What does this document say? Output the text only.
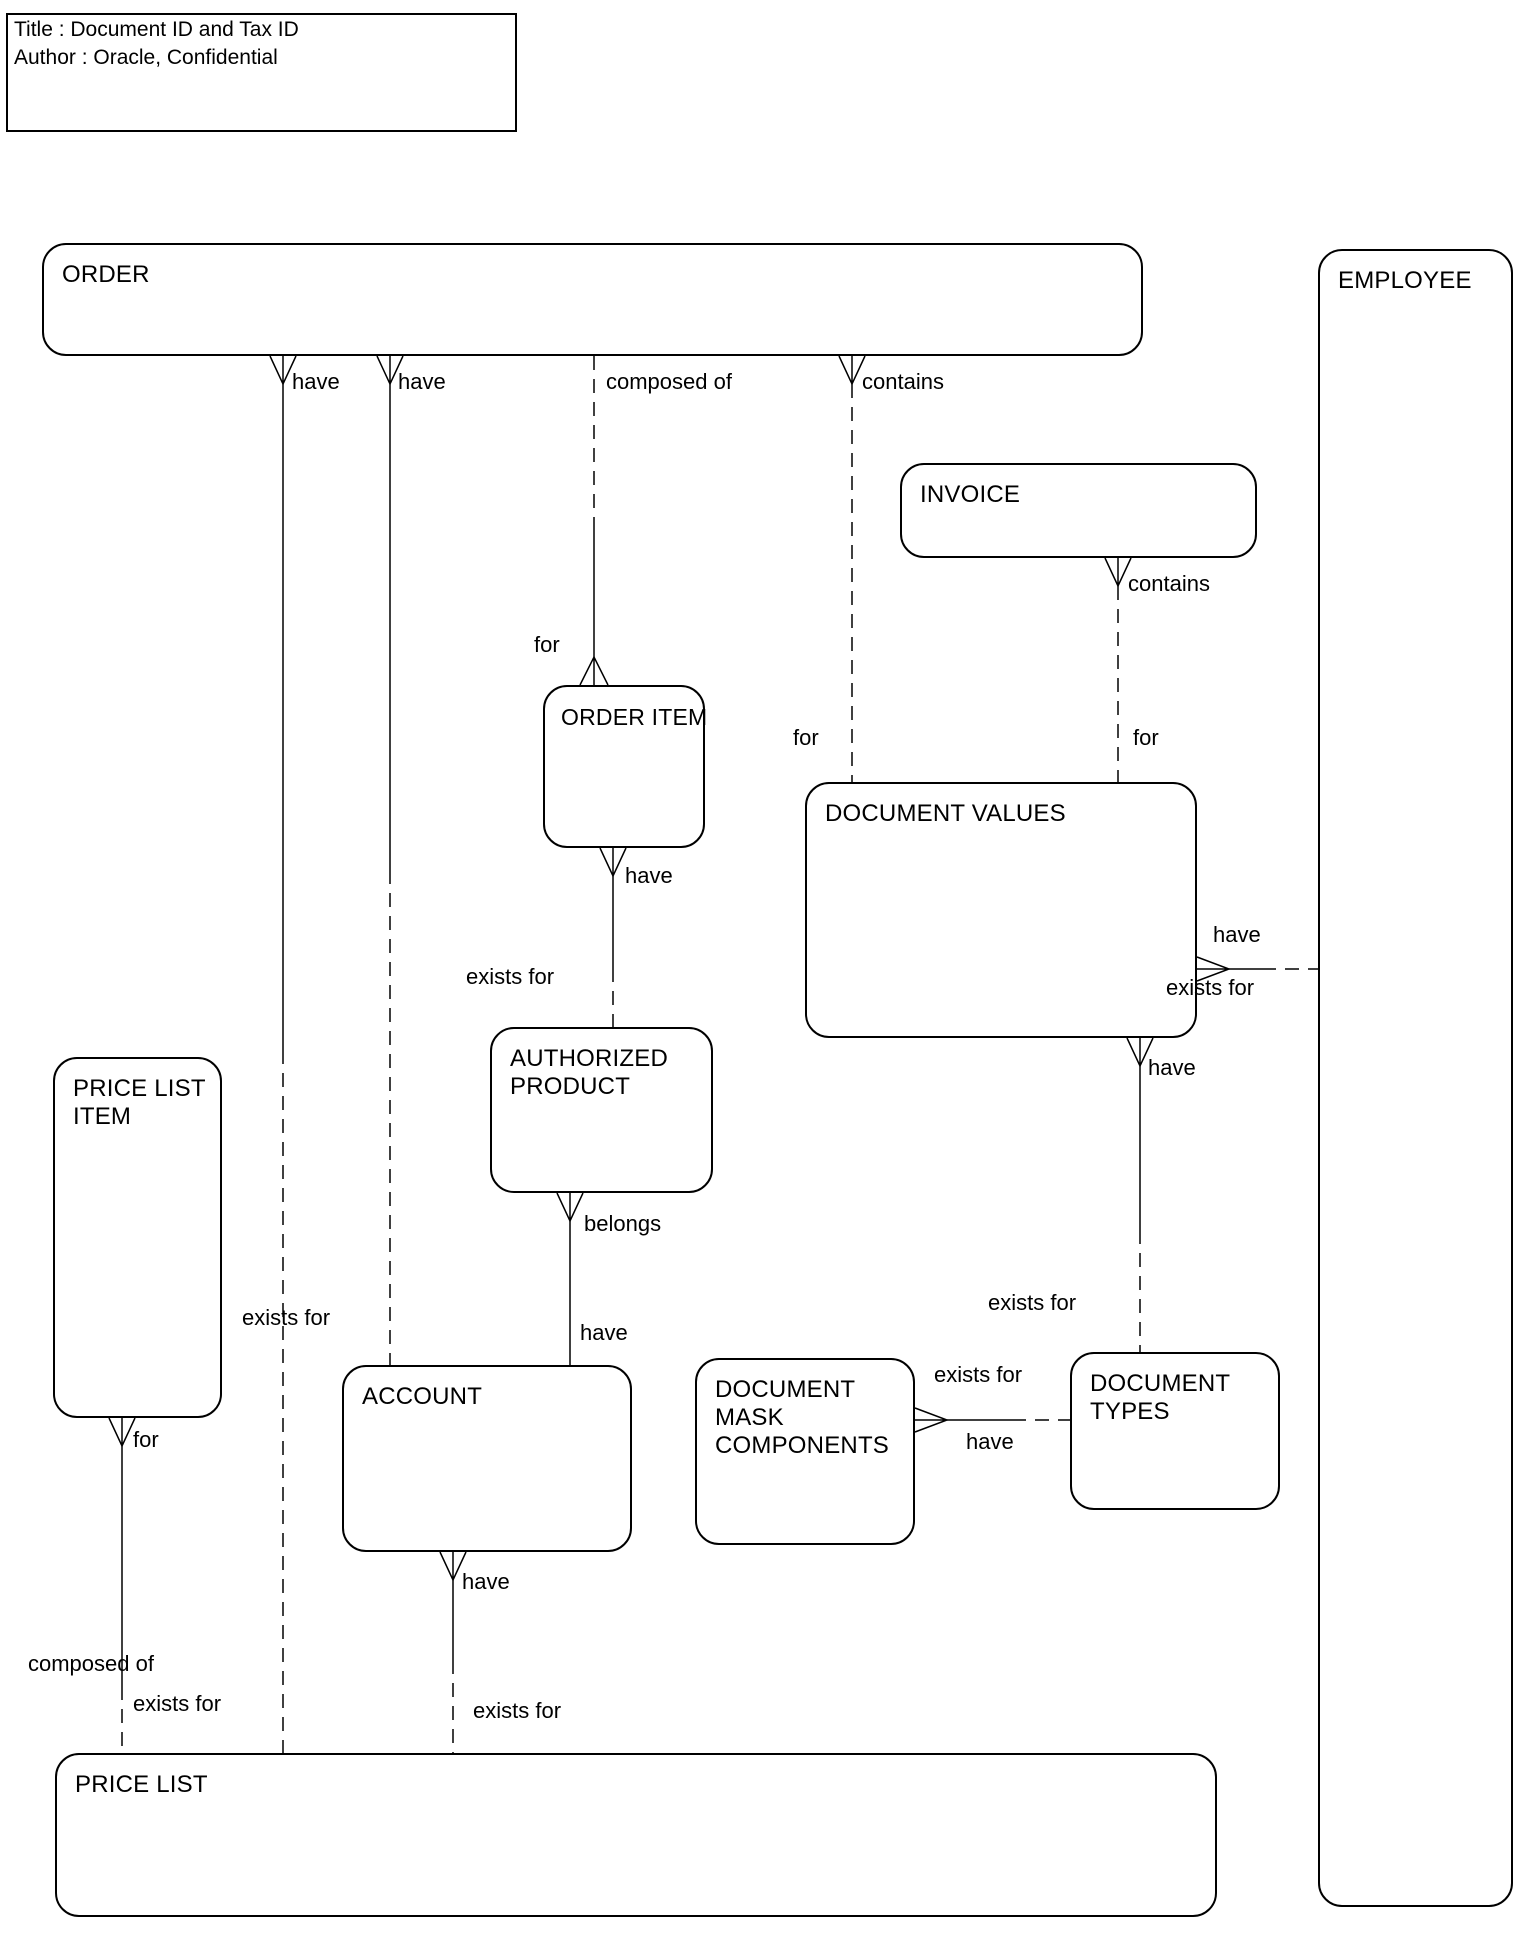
Title : Document ID and Tax ID
Author : Oracle, Confidential
ORDER	EMPLOYEE
INVOICE
ORDER ITEM
DOCUMENT VALUES
PRICE LIST ITEM
AUTHORIZED PRODUCT
ACCOUNT	DOCUMENT MASK COMPONENTS
DOCUMENT TYPES
PRICE LIST
have
exists for
have	composed of
for
contains
for
contains
for
have
exists for
belongs
have
have
exists for
have
exists for
exists for
have
have
exists for
for
composed of
exists for
